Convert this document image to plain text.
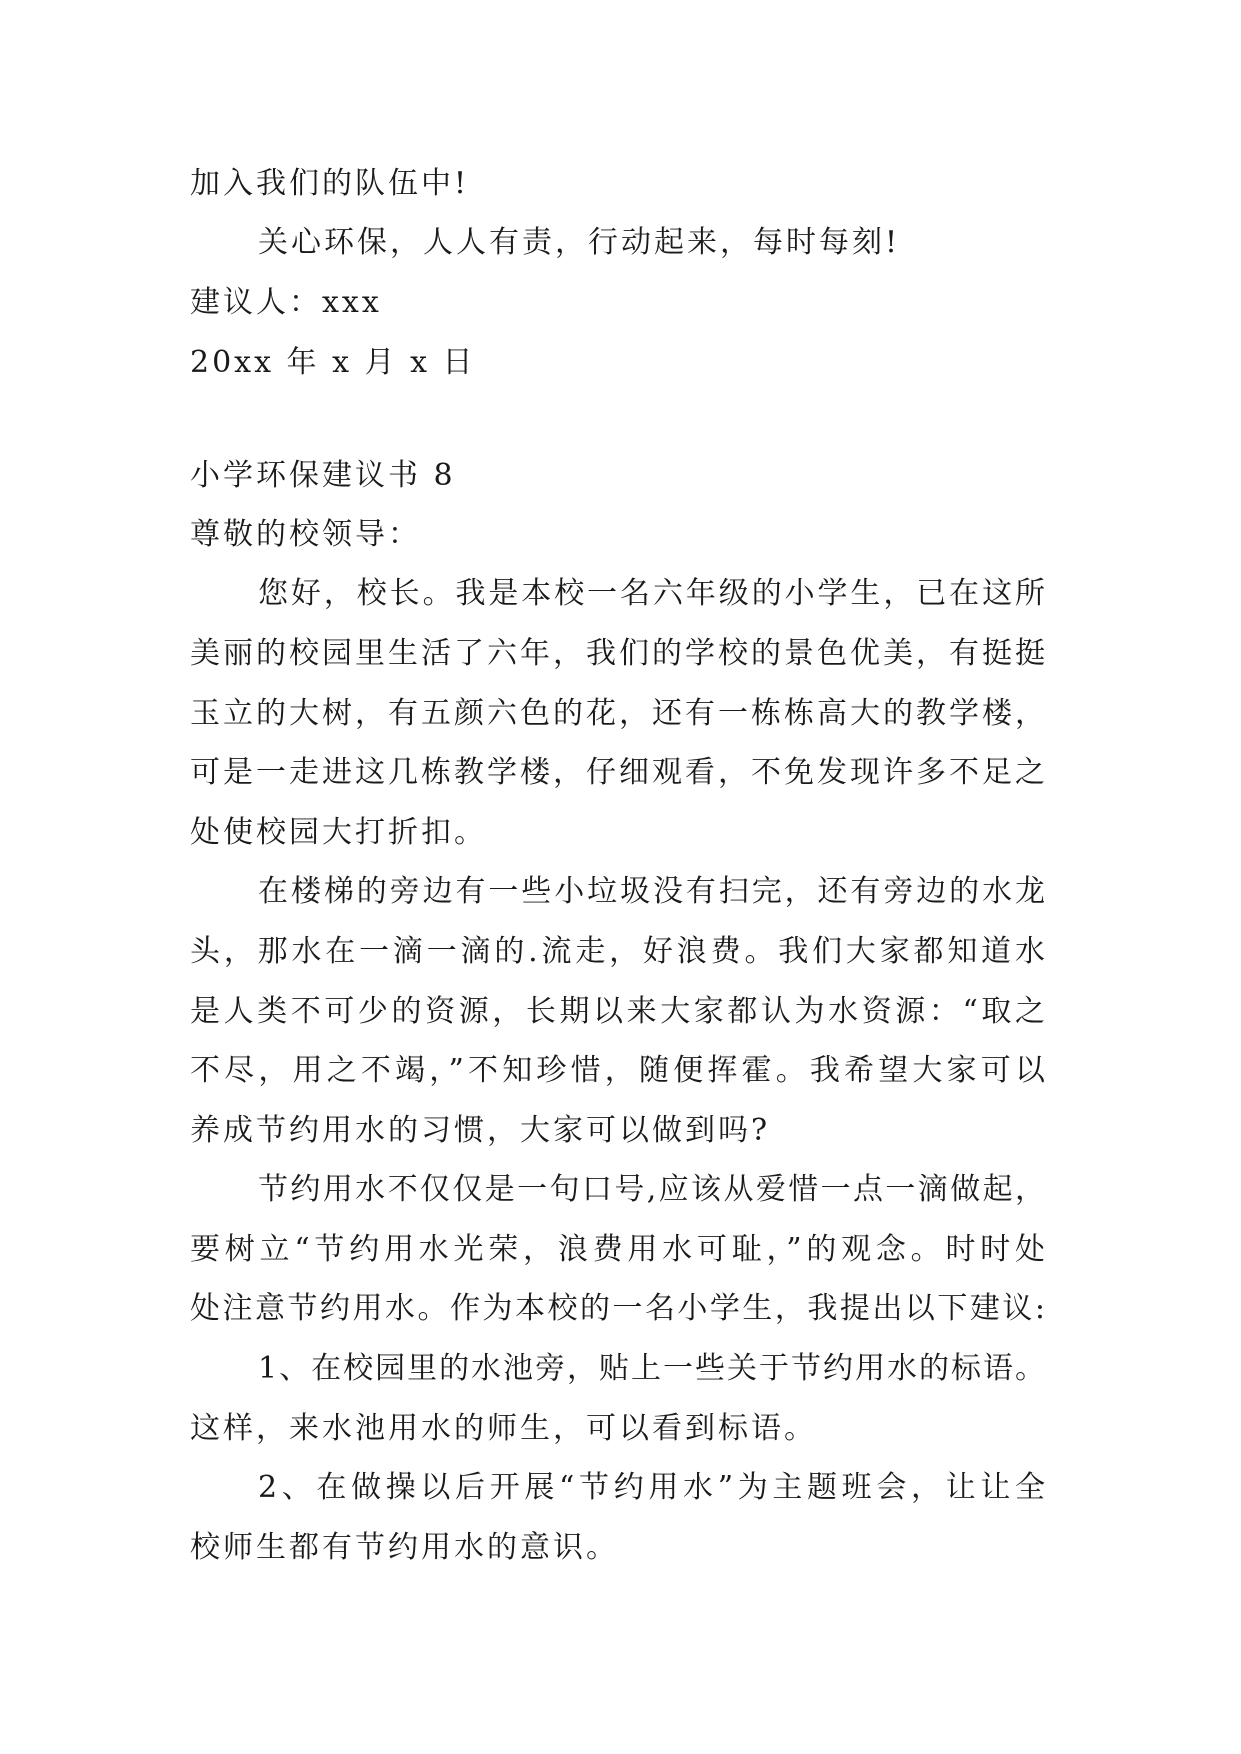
加入我们的队伍中!
关心环保，人人有责，行动起来，每时每刻!
建议人：xxx
20xx 年 x 月 x 日
小学环保建议书 8
尊敬的校领导：
您好，校长。我是本校一名六年级的小学生，已在这所
美丽的校园里生活了六年，我们的学校的景色优美，有挺挺
玉立的大树，有五颜六色的花，还有一栋栋高大的教学楼，
可是一走进这几栋教学楼，仔细观看，不免发现许多不足之
处使校园大打折扣。
在楼梯的旁边有一些小垃圾没有扫完，还有旁边的水龙
头，那水在一滴一滴的.流走，好浪费。我们大家都知道水
是人类不可少的资源，长期以来大家都认为水资源：“取之
不尽，用之不竭，”不知珍惜，随便挥霍。我希望大家可以
养成节约用水的习惯，大家可以做到吗?
节约用水不仅仅是一句口号,应该从爱惜一点一滴做起，
要树立“节约用水光荣，浪费用水可耻，”的观念。时时处
处注意节约用水。作为本校的一名小学生，我提出以下建议:
1、在校园里的水池旁，贴上一些关于节约用水的标语。
这样，来水池用水的师生，可以看到标语。
2、在做操以后开展“节约用水”为主题班会，让让全
校师生都有节约用水的意识。
